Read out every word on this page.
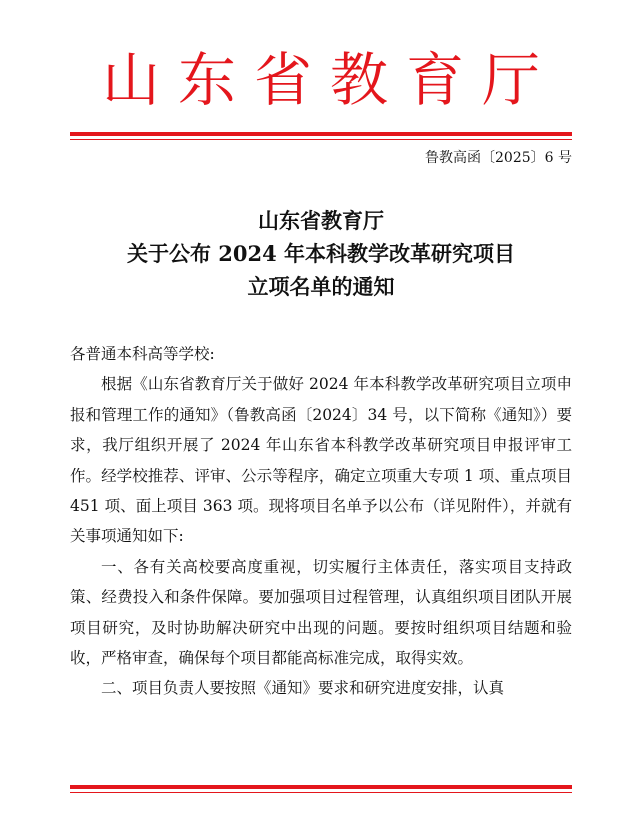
山东省教育厅
鲁教高函〔2025〕6 号
山东省教育厅
关于公布 2024 年本科教学改革研究项目
立项名单的通知

各普通本科高等学校:

根据《山东省教育厅关于做好 2024 年本科教学改革研究项目立项申报和管理工作的通知》（鲁教高函〔2024〕34 号，以下简称《通知》）要求，我厅组织开展了 2024 年山东省本科教学改革研究项目申报评审工作。经学校推荐、评审、公示等程序，确定立项重大专项 1 项、重点项目 451 项、面上项目 363 项。现将项目名单予以公布（详见附件），并就有关事项通知如下:

一、各有关高校要高度重视，切实履行主体责任，落实项目支持政策、经费投入和条件保障。要加强项目过程管理，认真组织项目团队开展项目研究，及时协助解决研究中出现的问题。要按时组织项目结题和验收，严格审查，确保每个项目都能高标准完成，取得实效。

二、项目负责人要按照《通知》要求和研究进度安排，认真
